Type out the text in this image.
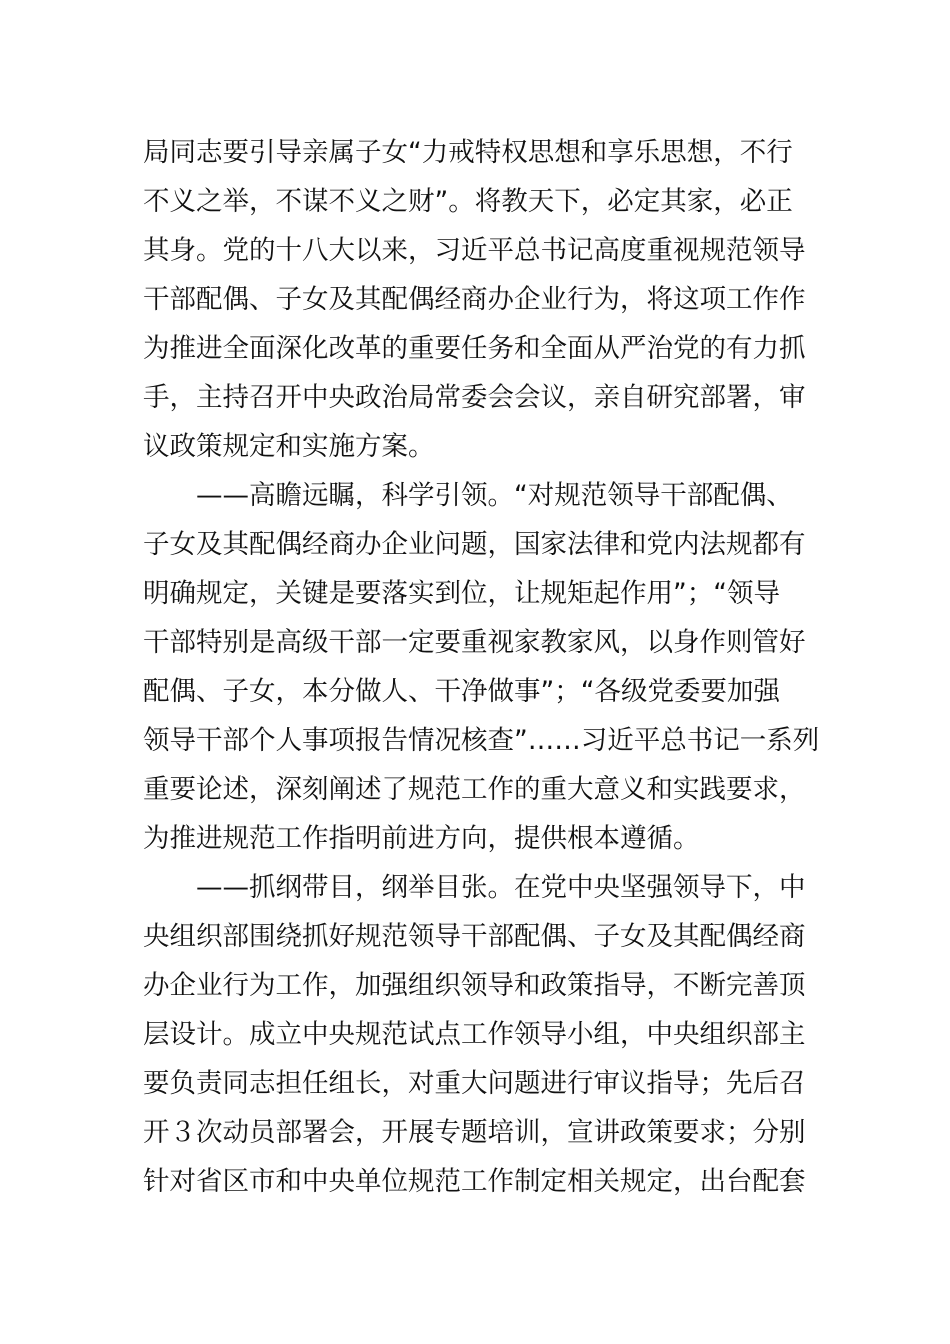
局同志要引导亲属子女“力戒特权思想和享乐思想，不行
不义之举，不谋不义之财”。将教天下，必定其家，必正
其身。党的十八大以来，习近平总书记高度重视规范领导
干部配偶、子女及其配偶经商办企业行为，将这项工作作
为推进全面深化改革的重要任务和全面从严治党的有力抓
手，主持召开中央政治局常委会会议，亲自研究部署，审
议政策规定和实施方案。
——高瞻远瞩，科学引领。“对规范领导干部配偶、
子女及其配偶经商办企业问题，国家法律和党内法规都有
明确规定，关键是要落实到位，让规矩起作用”；“领导
干部特别是高级干部一定要重视家教家风，以身作则管好
配偶、子女，本分做人、干净做事”；“各级党委要加强
领导干部个人事项报告情况核查”……习近平总书记一系列
重要论述，深刻阐述了规范工作的重大意义和实践要求，
为推进规范工作指明前进方向，提供根本遵循。
——抓纲带目，纲举目张。在党中央坚强领导下，中
央组织部围绕抓好规范领导干部配偶、子女及其配偶经商
办企业行为工作，加强组织领导和政策指导，不断完善顶
层设计。成立中央规范试点工作领导小组，中央组织部主
要负责同志担任组长，对重大问题进行审议指导；先后召
开３次动员部署会，开展专题培训，宣讲政策要求；分别
针对省区市和中央单位规范工作制定相关规定，出台配套
